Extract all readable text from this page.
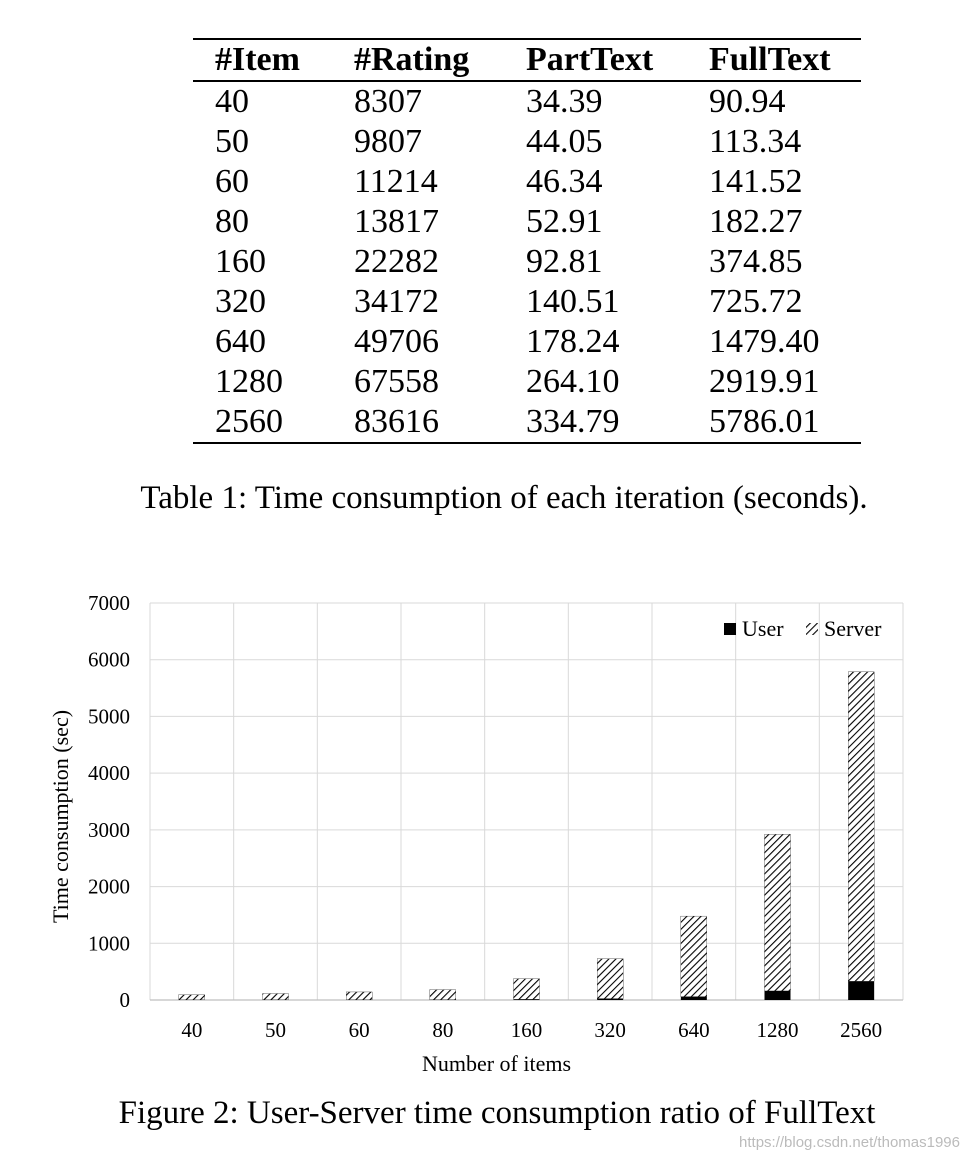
#Item	#Rating	PartText	FullText
40	8307	34.39	90.94
50	9807	44.05	113.34
60	11214	46.34	141.52
80	13817	52.91	182.27
160	22282	92.81	374.85
320	34172	140.51	725.72
640	49706	178.24	1479.40
1280	67558	264.10	2919.91
2560	83616	334.79	5786.01
Table 1: Time consumption of each iteration (seconds).
0
1000
2000
3000
4000
5000
6000
7000
40	50	60	80	160 320 640 1280 2560
Number of items
Time consumption (sec)
User Server
Figure 2: User-Server time consumption ratio of FullText
https://blog.csdn.net/thomas1996
